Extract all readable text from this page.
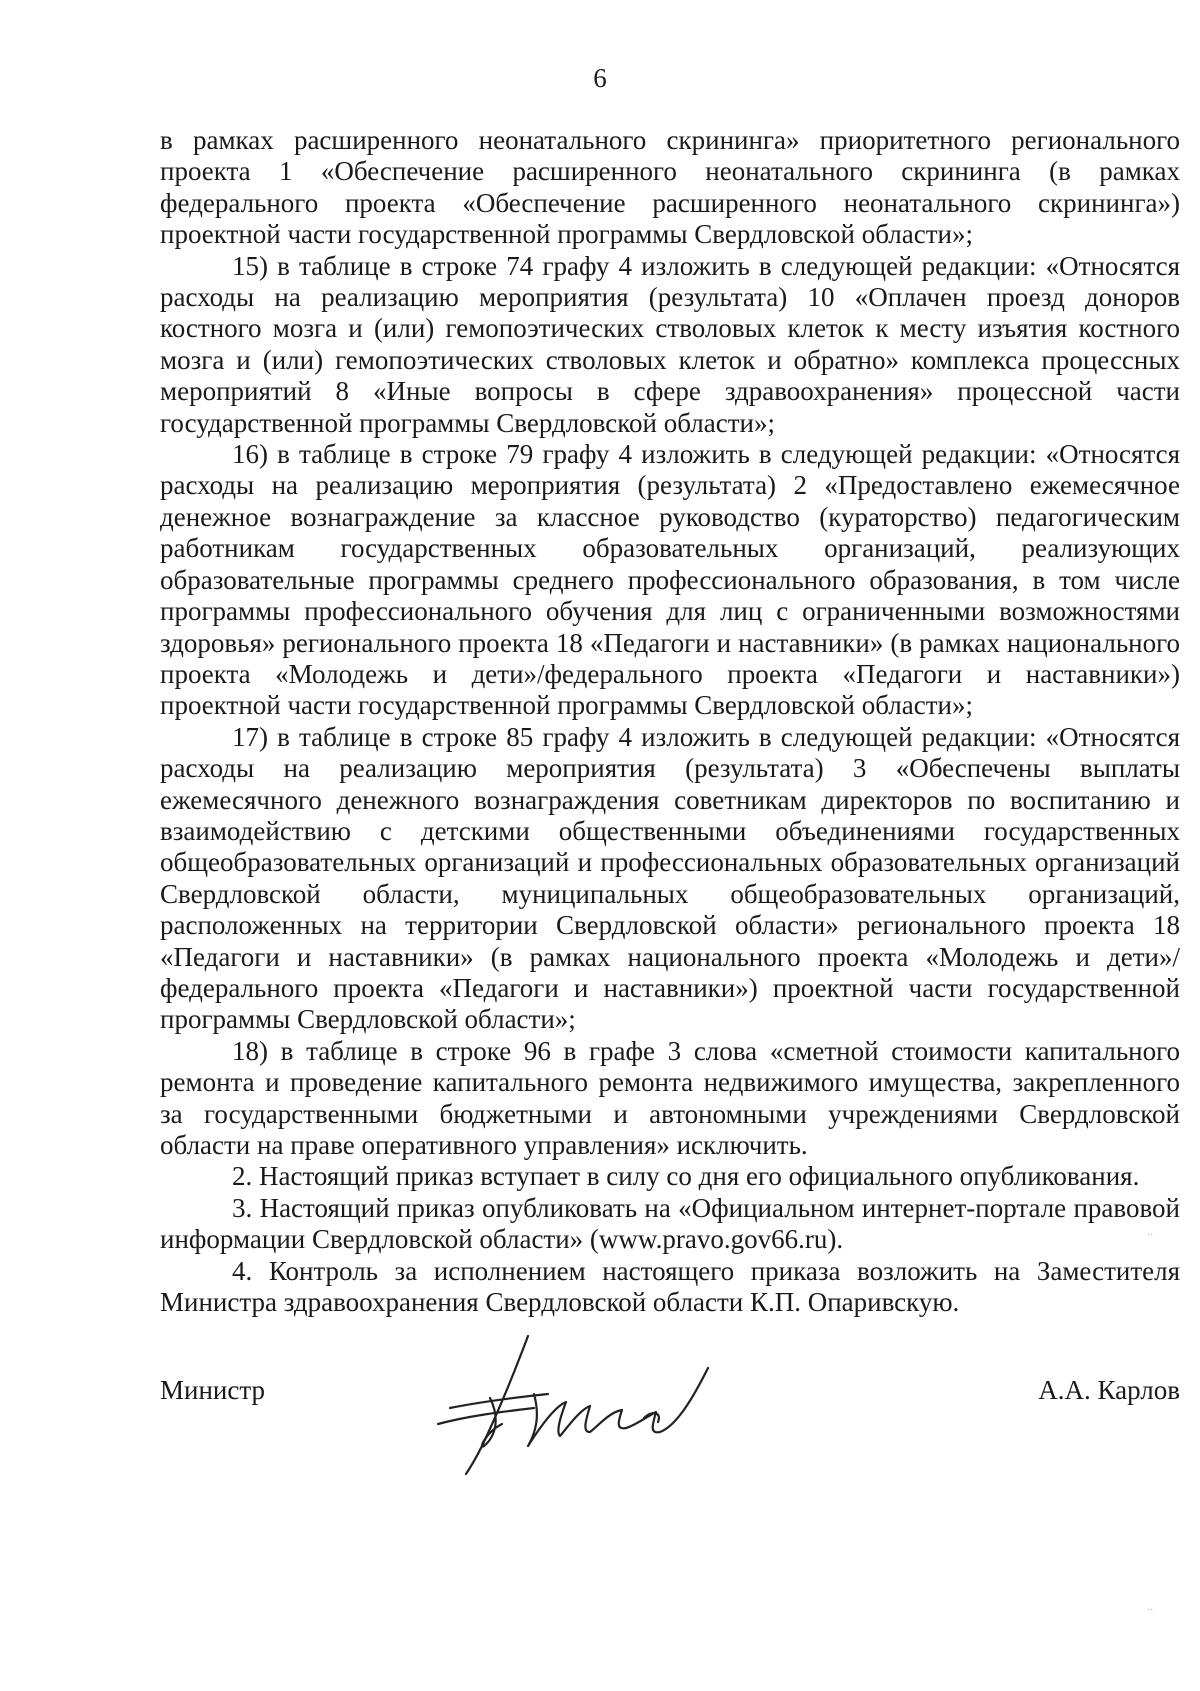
6

в рамках расширенного неонатального скрининга» приоритетного регионального проекта 1 «Обеспечение расширенного неонатального скрининга (в рамках федерального проекта «Обеспечение расширенного неонатального скрининга») проектной части государственной программы Свердловской области»;

15) в таблице в строке 74 графу 4 изложить в следующей редакции: «Относятся расходы на реализацию мероприятия (результата) 10 «Оплачен проезд доноров костного мозга и (или) гемопоэтических стволовых клеток к месту изъятия костного мозга и (или) гемопоэтических стволовых клеток и обратно» комплекса процессных мероприятий 8 «Иные вопросы в сфере здравоохранения» процессной части государственной программы Свердловской области»;

16) в таблице в строке 79 графу 4 изложить в следующей редакции: «Относятся расходы на реализацию мероприятия (результата) 2 «Предоставлено ежемесячное денежное вознаграждение за классное руководство (кураторство) педагогическим работникам государственных образовательных организаций, реализующих образовательные программы среднего профессионального образования, в том числе программы профессионального обучения для лиц с ограниченными возможностями здоровья» регионального проекта 18 «Педагоги и наставники» (в рамках национального проекта «Молодежь и дети»/федерального проекта «Педагоги и наставники») проектной части государственной программы Свердловской области»;

17) в таблице в строке 85 графу 4 изложить в следующей редакции: «Относятся расходы на реализацию мероприятия (результата) 3 «Обеспечены выплаты ежемесячного денежного вознаграждения советникам директоров по воспитанию и взаимодействию с детскими общественными объединениями государственных общеобразовательных организаций и профессиональных образовательных организаций Свердловской области, муниципальных общеобразовательных организаций, расположенных на территории Свердловской области» регионального проекта 18 «Педагоги и наставники» (в рамках национального проекта «Молодежь и дети»/федерального проекта «Педагоги и наставники») проектной части государственной программы Свердловской области»;

18) в таблице в строке 96 в графе 3 слова «сметной стоимости капитального ремонта и проведение капитального ремонта недвижимого имущества, закрепленного за государственными бюджетными и автономными учреждениями Свердловской области на праве оперативного управления» исключить.

2. Настоящий приказ вступает в силу со дня его официального опубликования.

3. Настоящий приказ опубликовать на «Официальном интернет-портале правовой информации Свердловской области» (www.pravo.gov66.ru).

4. Контроль за исполнением настоящего приказа возложить на Заместителя Министра здравоохранения Свердловской области К.П. Опаривскую.

Министр	А.А. Карлов
·‧
‧·
